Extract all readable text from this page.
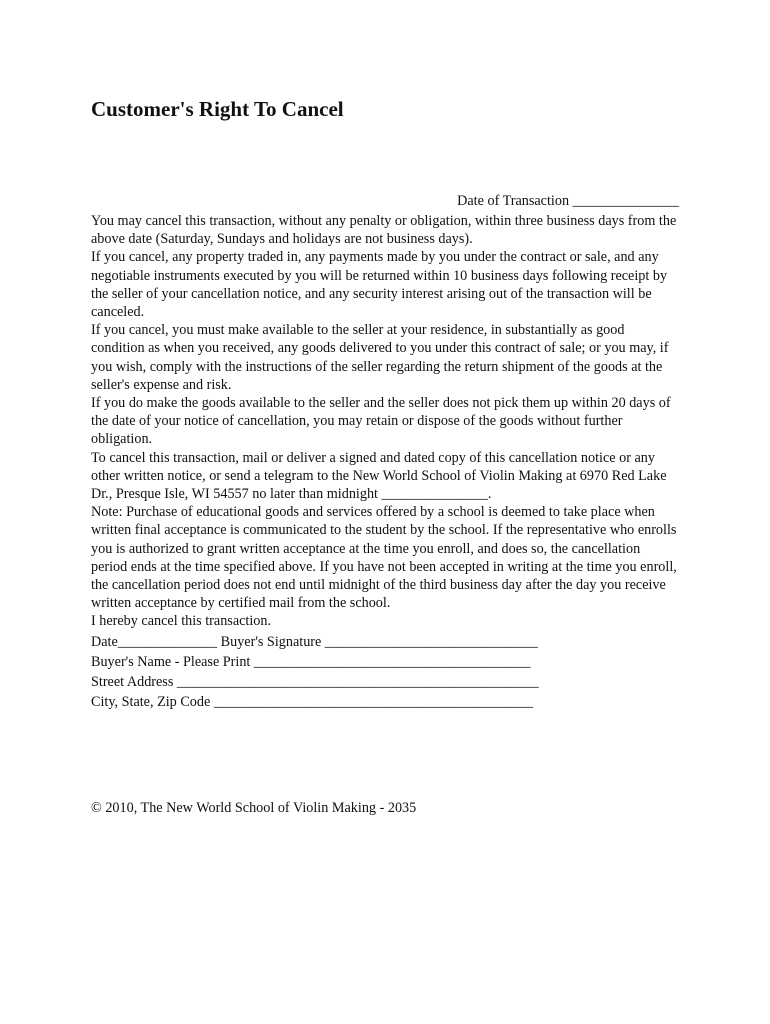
Customer's Right To Cancel
Date of Transaction _______________

You may cancel this transaction, without any penalty or obligation, within three business days from the above date (Saturday, Sundays and holidays are not business days).

If you cancel, any property traded in, any payments made by you under the contract or sale, and any negotiable instruments executed by you will be returned within 10 business days following receipt by the seller of your cancellation notice, and any security interest arising out of the transaction will be canceled.

If you cancel, you must make available to the seller at your residence, in substantially as good condition as when you received, any goods delivered to you under this contract of sale; or you may, if you wish, comply with the instructions of the seller regarding the return shipment of the goods at the seller's expense and risk.

If you do make the goods available to the seller and the seller does not pick them up within 20 days of the date of your notice of cancellation, you may retain or dispose of the goods without further obligation.

To cancel this transaction, mail or deliver a signed and dated copy of this cancellation notice or any other written notice, or send a telegram to the New World School of Violin Making at 6970 Red Lake Dr., Presque Isle, WI 54557 no later than midnight _______________.

Note: Purchase of educational goods and services offered by a school is deemed to take place when written final acceptance is communicated to the student by the school. If the representative who enrolls you is authorized to grant written acceptance at the time you enroll, and does so, the cancellation period ends at the time specified above. If you have not been accepted in writing at the time you enroll, the cancellation period does not end until midnight of the third business day after the day you receive written acceptance by certified mail from the school.

I hereby cancel this transaction.

Date______________ Buyer's Signature ______________________________
Buyer's Name - Please Print _______________________________________
Street Address ___________________________________________________
City, State, Zip Code _____________________________________________
© 2010, The New World School of Violin Making - 2035
